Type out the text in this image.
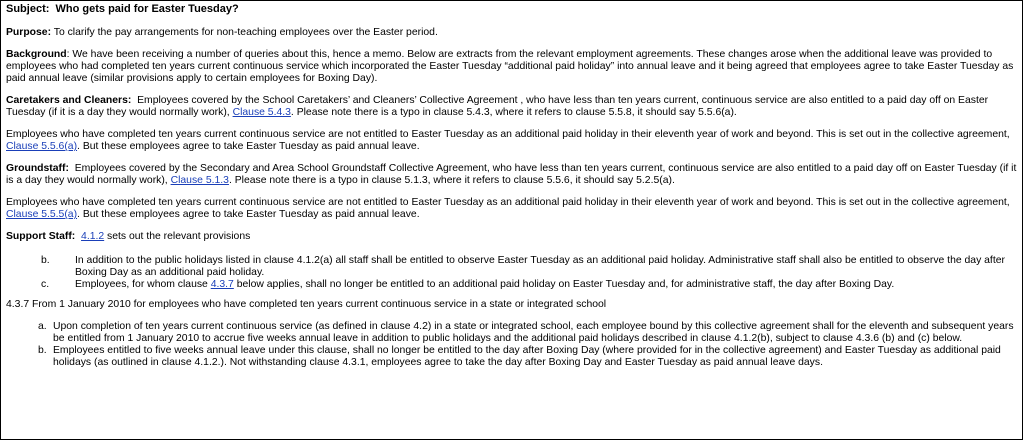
Subject: Who gets paid for Easter Tuesday?

Purpose: To clarify the pay arrangements for non-teaching employees over the Easter period.

Background: We have been receiving a number of queries about this, hence a memo. Below are extracts from the relevant employment agreements. These changes arose when the additional leave was provided to employees who had completed ten years current continuous service which incorporated the Easter Tuesday “additional paid holiday” into annual leave and it being agreed that employees agree to take Easter Tuesday as paid annual leave (similar provisions apply to certain employees for Boxing Day).

Caretakers and Cleaners: Employees covered by the School Caretakers’ and Cleaners’ Collective Agreement , who have less than ten years current, continuous service are also entitled to a paid day off on Easter Tuesday (if it is a day they would normally work), Clause 5.4.3. Please note there is a typo in clause 5.4.3, where it refers to clause 5.5.8, it should say 5.5.6(a).

Employees who have completed ten years current continuous service are not entitled to Easter Tuesday as an additional paid holiday in their eleventh year of work and beyond. This is set out in the collective agreement, Clause 5.5.6(a). But these employees agree to take Easter Tuesday as paid annual leave.

Groundstaff: Employees covered by the Secondary and Area School Groundstaff Collective Agreement, who have less than ten years current, continuous service are also entitled to a paid day off on Easter Tuesday (if it is a day they would normally work), Clause 5.1.3. Please note there is a typo in clause 5.1.3, where it refers to clause 5.5.6, it should say 5.2.5(a).

Employees who have completed ten years current continuous service are not entitled to Easter Tuesday as an additional paid holiday in their eleventh year of work and beyond. This is set out in the collective agreement, Clause 5.5.5(a). But these employees agree to take Easter Tuesday as paid annual leave.

Support Staff: 4.1.2 sets out the relevant provisions

b.	In addition to the public holidays listed in clause 4.1.2(a) all staff shall be entitled to observe Easter Tuesday as an additional paid holiday. Administrative staff shall also be entitled to observe the day after Boxing Day as an additional paid holiday.
c.	Employees, for whom clause 4.3.7 below applies, shall no longer be entitled to an additional paid holiday on Easter Tuesday and, for administrative staff, the day after Boxing Day.

4.3.7 From 1 January 2010 for employees who have completed ten years current continuous service in a state or integrated school

a. Upon completion of ten years current continuous service (as defined in clause 4.2) in a state or integrated school, each employee bound by this collective agreement shall for the eleventh and subsequent years be entitled from 1 January 2010 to accrue five weeks annual leave in addition to public holidays and the additional paid holidays described in clause 4.1.2(b), subject to clause 4.3.6 (b) and (c) below.
b. Employees entitled to five weeks annual leave under this clause, shall no longer be entitled to the day after Boxing Day (where provided for in the collective agreement) and Easter Tuesday as additional paid holidays (as outlined in clause 4.1.2.). Not withstanding clause 4.3.1, employees agree to take the day after Boxing Day and Easter Tuesday as paid annual leave days.
